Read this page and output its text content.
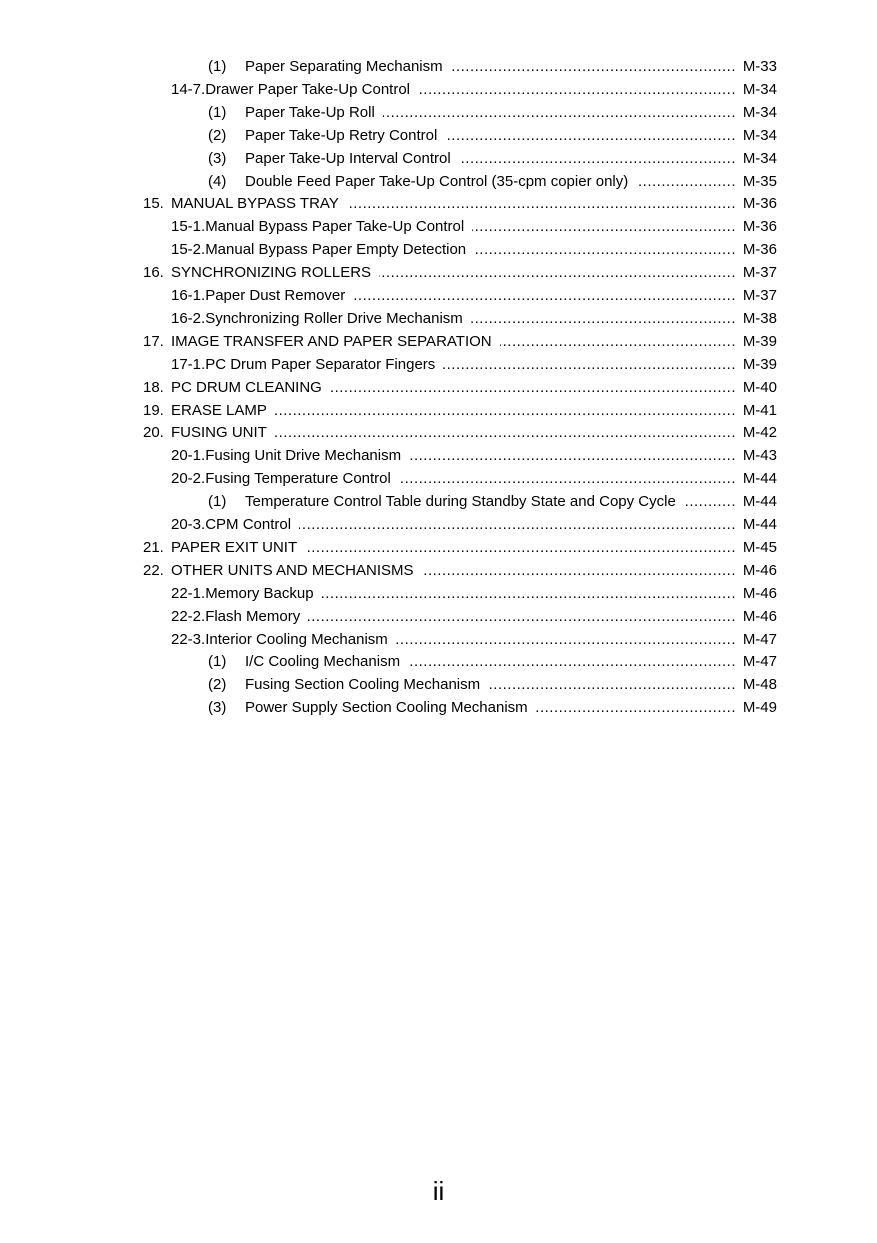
(1)	Paper Separating Mechanism .....	M-33
14-7.Drawer Paper Take-Up Control .....	M-34
(1)	Paper Take-Up Roll .....	M-34
(2)	Paper Take-Up Retry Control .....	M-34
(3)	Paper Take-Up Interval Control .....	M-34
(4)	Double Feed Paper Take-Up Control (35-cpm copier only) .....	M-35
15. MANUAL BYPASS TRAY .....	M-36
15-1.Manual Bypass Paper Take-Up Control .....	M-36
15-2.Manual Bypass Paper Empty Detection .....	M-36
16. SYNCHRONIZING ROLLERS .....	M-37
16-1.Paper Dust Remover .....	M-37
16-2.Synchronizing Roller Drive Mechanism .....	M-38
17. IMAGE TRANSFER AND PAPER SEPARATION .....	M-39
17-1.PC Drum Paper Separator Fingers .....	M-39
18. PC DRUM CLEANING .....	M-40
19. ERASE LAMP .....	M-41
20. FUSING UNIT .....	M-42
20-1.Fusing Unit Drive Mechanism .....	M-43
20-2.Fusing Temperature Control .....	M-44
(1)	Temperature Control Table during Standby State and Copy Cycle .....	M-44
20-3.CPM Control .....	M-44
21. PAPER EXIT UNIT .....	M-45
22. OTHER UNITS AND MECHANISMS .....	M-46
22-1.Memory Backup .....	M-46
22-2.Flash Memory .....	M-46
22-3.Interior Cooling Mechanism .....	M-47
(1)	I/C Cooling Mechanism .....	M-47
(2)	Fusing Section Cooling Mechanism .....	M-48
(3)	Power Supply Section Cooling Mechanism .....	M-49
ii
